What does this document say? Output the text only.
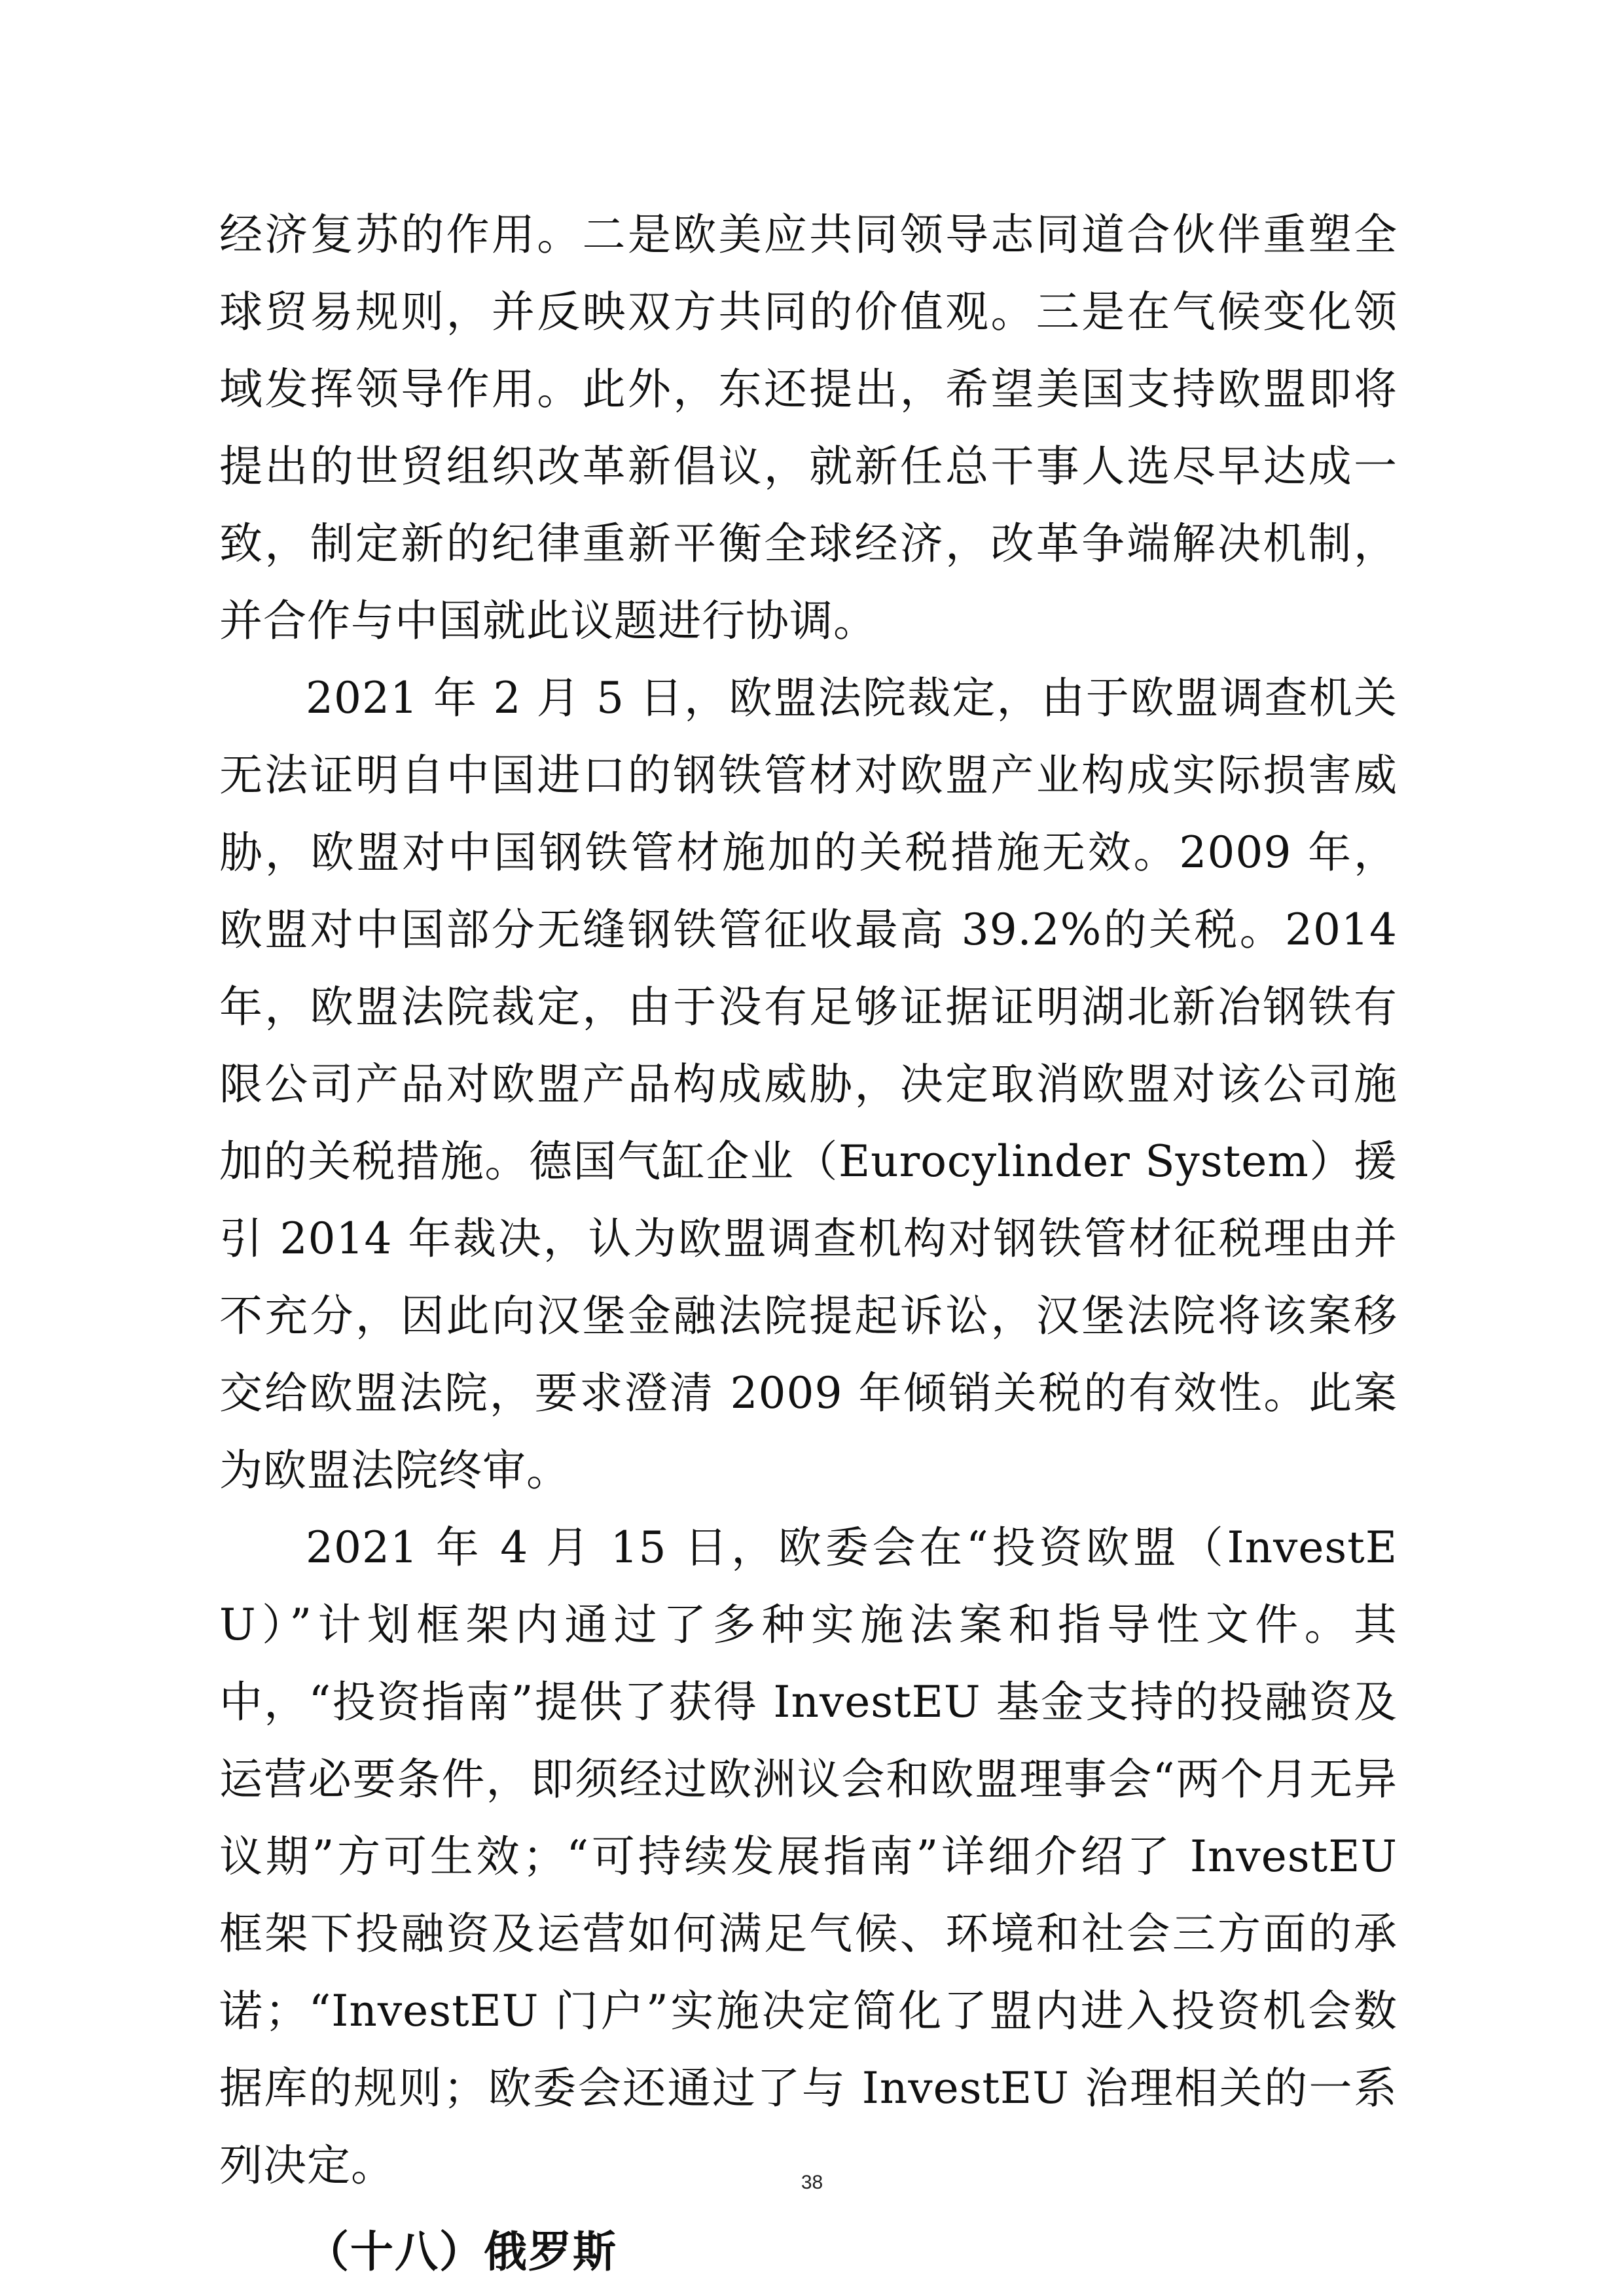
经济复苏的作用。二是欧美应共同领导志同道合伙伴重塑全球贸易规则，并反映双方共同的价值观。三是在气候变化领域发挥领导作用。此外，东还提出，希望美国支持欧盟即将提出的世贸组织改革新倡议，就新任总干事人选尽早达成一致，制定新的纪律重新平衡全球经济，改革争端解决机制，并合作与中国就此议题进行协调。

2021 年 2 月 5 日，欧盟法院裁定，由于欧盟调查机关无法证明自中国进口的钢铁管材对欧盟产业构成实际损害威胁，欧盟对中国钢铁管材施加的关税措施无效。2009 年，欧盟对中国部分无缝钢铁管征收最高 39.2%的关税。2014 年，欧盟法院裁定，由于没有足够证据证明湖北新冶钢铁有限公司产品对欧盟产品构成威胁，决定取消欧盟对该公司施加的关税措施。德国气缸企业（Eurocylinder System）援引 2014 年裁决，认为欧盟调查机构对钢铁管材征税理由并不充分，因此向汉堡金融法院提起诉讼，汉堡法院将该案移交给欧盟法院，要求澄清 2009 年倾销关税的有效性。此案为欧盟法院终审。

2021 年 4 月 15 日，欧委会在“投资欧盟（InvestEU）”计划框架内通过了多种实施法案和指导性文件。其中，“投资指南”提供了获得 InvestEU 基金支持的投融资及运营必要条件，即须经过欧洲议会和欧盟理事会“两个月无异议期”方可生效；“可持续发展指南”详细介绍了 InvestEU 框架下投融资及运营如何满足气候、环境和社会三方面的承诺；“InvestEU 门户”实施决定简化了盟内进入投资机会数据库的规则；欧委会还通过了与 InvestEU 治理相关的一系列决定。

（十八）俄罗斯
38
